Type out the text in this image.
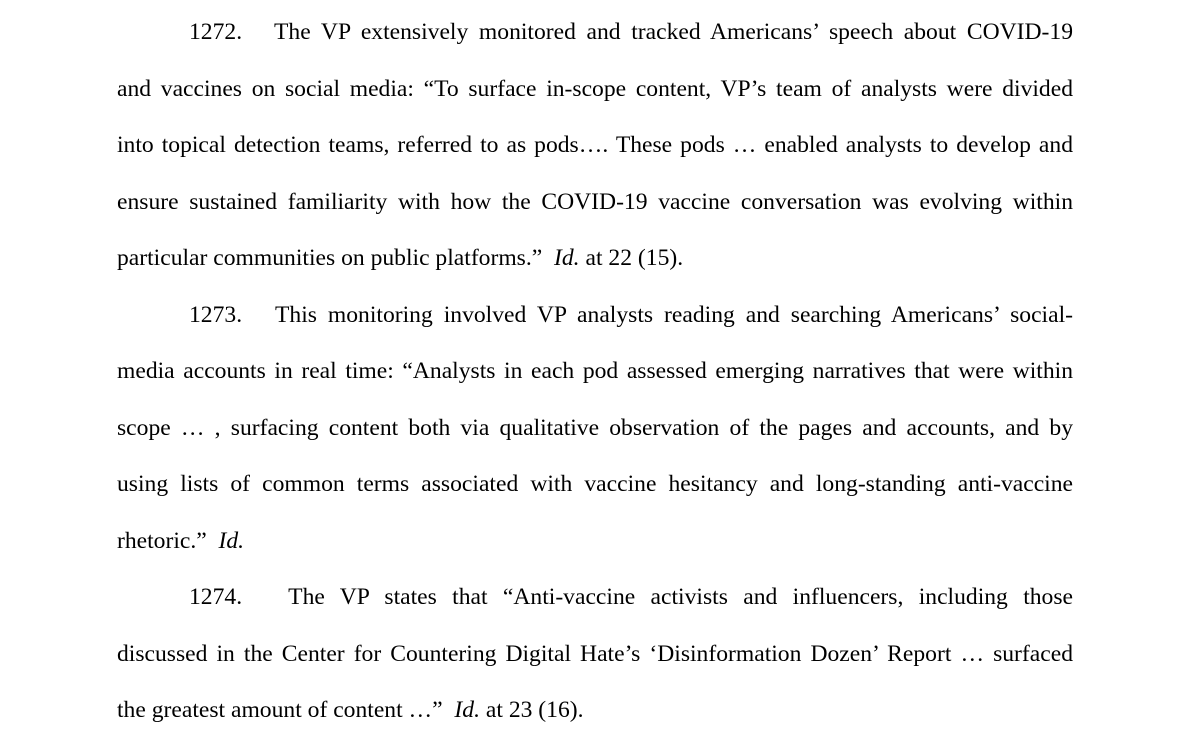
1272. The VP extensively monitored and tracked Americans’ speech about COVID-19
and vaccines on social media: “To surface in-scope content, VP’s team of analysts were divided
into topical detection teams, referred to as pods…. These pods … enabled analysts to develop and
ensure sustained familiarity with how the COVID-19 vaccine conversation was evolving within
particular communities on public platforms.” Id. at 22 (15).
1273. This monitoring involved VP analysts reading and searching Americans’ social-
media accounts in real time: “Analysts in each pod assessed emerging narratives that were within
scope … , surfacing content both via qualitative observation of the pages and accounts, and by
using lists of common terms associated with vaccine hesitancy and long-standing anti-vaccine
rhetoric.” Id.
1274. The VP states that “Anti-vaccine activists and influencers, including those
discussed in the Center for Countering Digital Hate’s ‘Disinformation Dozen’ Report … surfaced
the greatest amount of content …” Id. at 23 (16).
